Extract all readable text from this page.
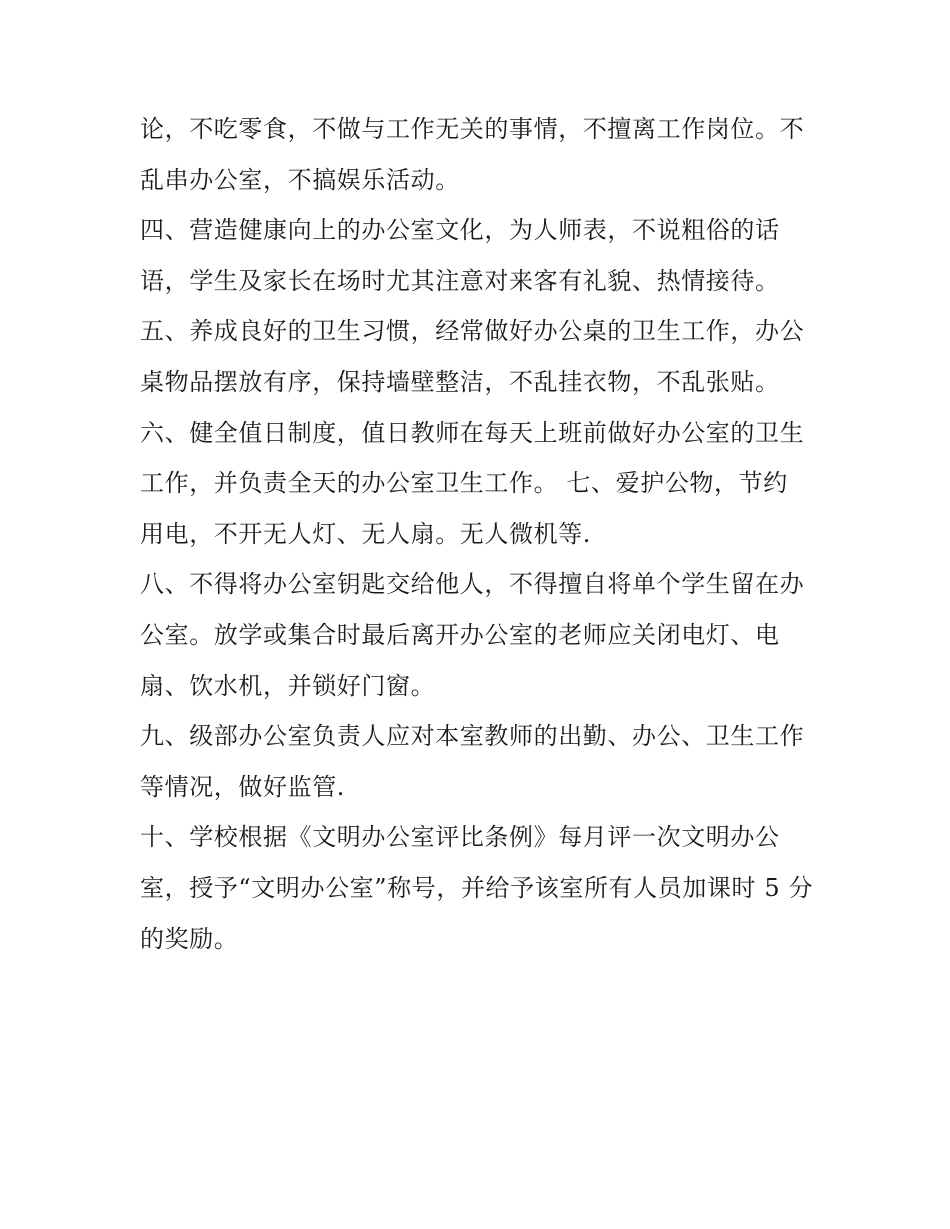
论，不吃零食，不做与工作无关的事情，不擅离工作岗位。不
乱串办公室，不搞娱乐活动。
四、营造健康向上的办公室文化，为人师表，不说粗俗的话
语，学生及家长在场时尤其注意对来客有礼貌、热情接待。
五、养成良好的卫生习惯，经常做好办公桌的卫生工作，办公
桌物品摆放有序，保持墙壁整洁，不乱挂衣物，不乱张贴。
六、健全值日制度，值日教师在每天上班前做好办公室的卫生
工作，并负责全天的办公室卫生工作。 七、爱护公物，节约
用电，不开无人灯、无人扇。无人微机等.
八、不得将办公室钥匙交给他人，不得擅自将单个学生留在办
公室。放学或集合时最后离开办公室的老师应关闭电灯、电
扇、饮水机，并锁好门窗。
九、级部办公室负责人应对本室教师的出勤、办公、卫生工作
等情况，做好监管.
十、学校根据《文明办公室评比条例》每月评一次文明办公
室，授予“文明办公室”称号，并给予该室所有人员加课时 5 分
的奖励。
